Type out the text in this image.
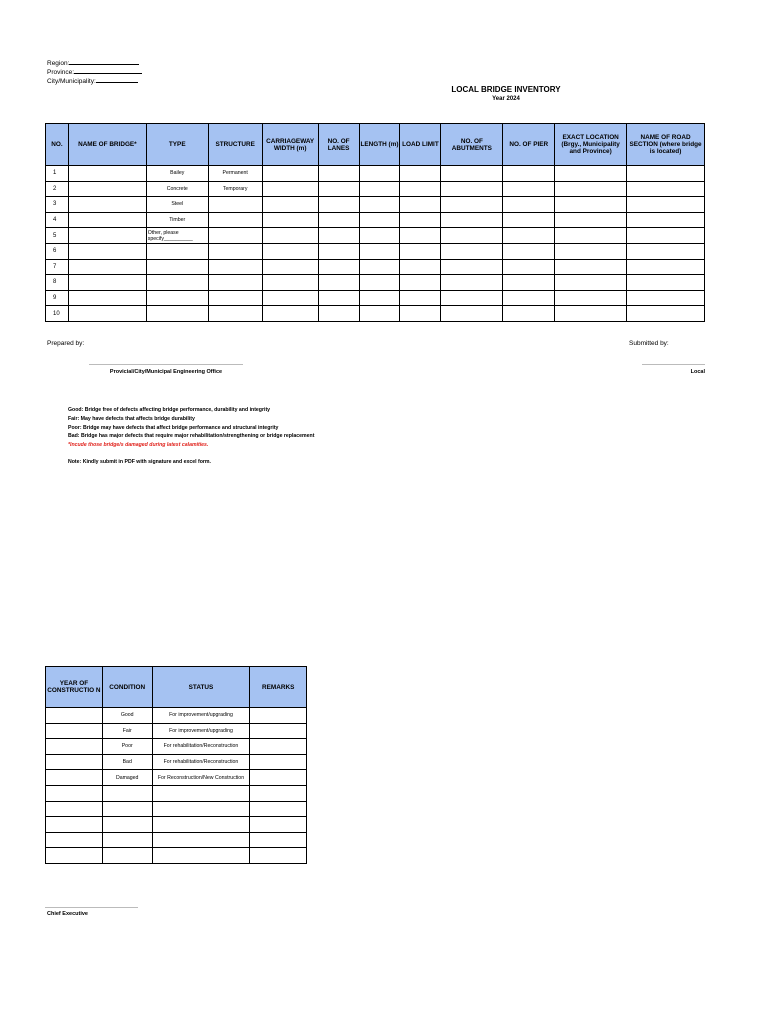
Region:
Province:
City/Municipality:
LOCAL BRIDGE INVENTORY
Year 2024
NO.	NAME OF BRIDGE*	TYPE	STRUCTURE	CARRIAGEWAY WIDTH (m)	NO. OF LANES	LENGTH (m)	LOAD LIMIT	NO. OF ABUTMENTS	NO. OF PIER	EXACT LOCATION (Brgy., Municipality and Province)	NAME OF ROAD SECTION (where bridge is located)
1		Bailey	Permanent								
2		Concrete	Temporary								
3		Steel									
4		Timber									
5		Other, please specify__________									
6											
7											
8											
9											
10											
Prepared by:	Submitted by:
Provicial/City/Municipal Engineering Office	Local
Good: Bridge free of defects affecting bridge performance, durability and integrity
Fair: May have defects that affects bridge durability
Poor: Bridge may have defects that affect bridge performance and structural integrity
Bad: Bridge has major defects that require major rehabilitation/strengthening or bridge replacement
*Incude those bridge/s damaged during latest calamities.
Note: Kindly submit in PDF with signature and excel form.
YEAR OF CONSTRUCTIO N	CONDITION	STATUS	REMARKS
	Good	For improvement/upgrading	
	Fair	For improvement/upgrading	
	Poor	For rehabilitation/Reconstruction	
	Bad	For rehabilitation/Reconstruction	
	Damaged	For Reconstruction/New Construction	

Chief Executive
